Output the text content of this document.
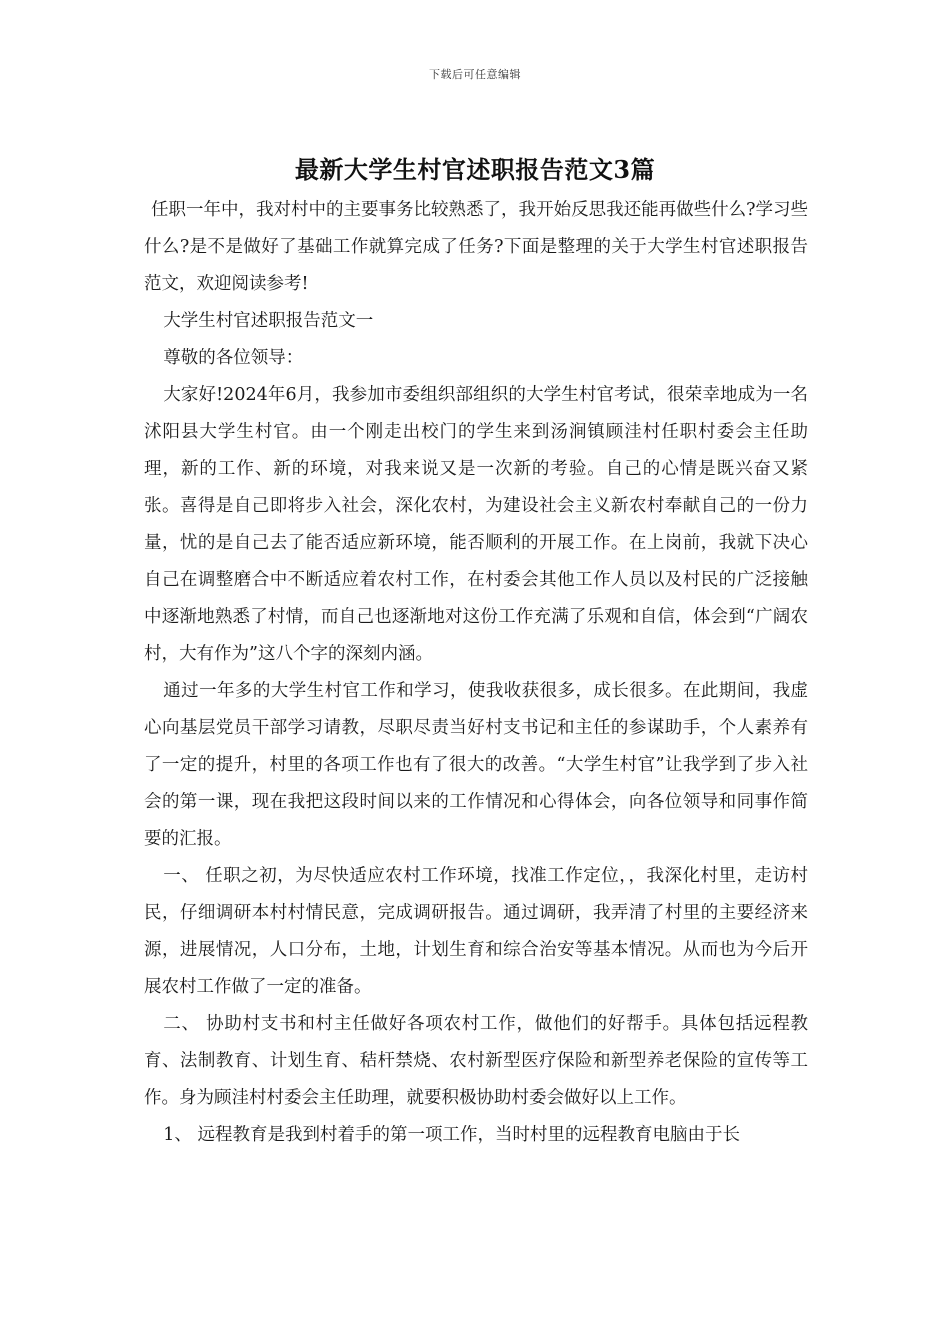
下载后可任意编辑
最新大学生村官述职报告范文3篇

任职一年中，我对村中的主要事务比较熟悉了，我开始反思我还能再做些什么?学习些什么?是不是做好了基础工作就算完成了任务?下面是整理的关于大学生村官述职报告范文，欢迎阅读参考!

大学生村官述职报告范文一

尊敬的各位领导：

大家好!2024年6月，我参加市委组织部组织的大学生村官考试，很荣幸地成为一名沭阳县大学生村官。由一个刚走出校门的学生来到汤涧镇顾洼村任职村委会主任助理，新的工作、新的环境，对我来说又是一次新的考验。自己的心情是既兴奋又紧张。喜得是自己即将步入社会，深化农村，为建设社会主义新农村奉献自己的一份力量，忧的是自己去了能否适应新环境，能否顺利的开展工作。在上岗前，我就下决心自己在调整磨合中不断适应着农村工作，在村委会其他工作人员以及村民的广泛接触中逐渐地熟悉了村情，而自己也逐渐地对这份工作充满了乐观和自信，体会到“广阔农村，大有作为”这八个字的深刻内涵。

通过一年多的大学生村官工作和学习，使我收获很多，成长很多。在此期间，我虚心向基层党员干部学习请教，尽职尽责当好村支书记和主任的参谋助手，个人素养有了一定的提升，村里的各项工作也有了很大的改善。“大学生村官”让我学到了步入社会的第一课，现在我把这段时间以来的工作情况和心得体会，向各位领导和同事作简要的汇报。

一、 任职之初，为尽快适应农村工作环境，找准工作定位，，我深化村里，走访村民，仔细调研本村村情民意，完成调研报告。通过调研，我弄清了村里的主要经济来源，进展情况，人口分布，土地，计划生育和综合治安等基本情况。从而也为今后开展农村工作做了一定的准备。

二、 协助村支书和村主任做好各项农村工作，做他们的好帮手。具体包括远程教育、法制教育、计划生育、秸杆禁烧、农村新型医疗保险和新型养老保险的宣传等工作。身为顾洼村村委会主任助理，就要积极协助村委会做好以上工作。

1、 远程教育是我到村着手的第一项工作，当时村里的远程教育电脑由于长
